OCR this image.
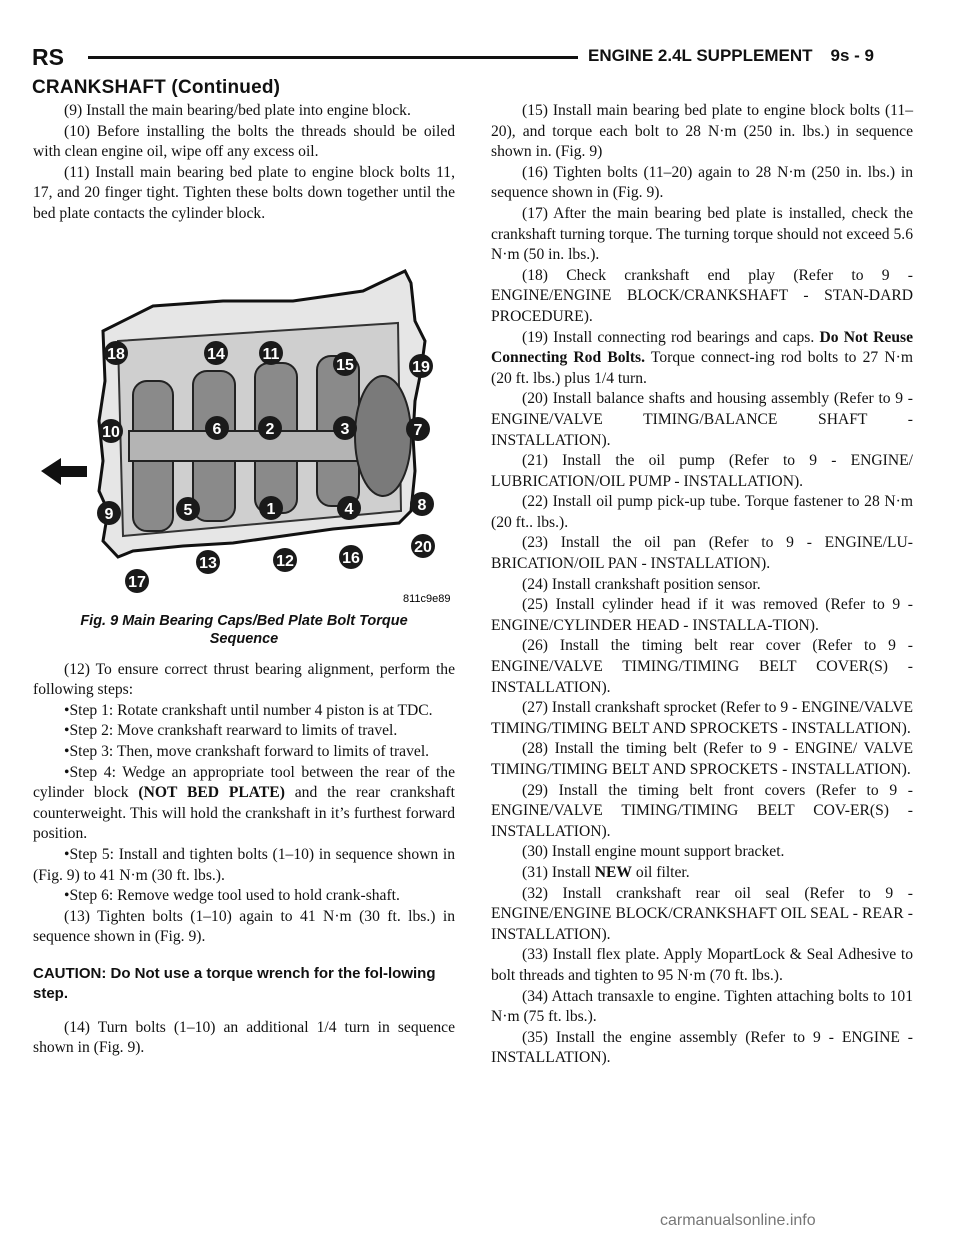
RS	ENGINE 2.4L SUPPLEMENT 9s - 9
CRANKSHAFT (Continued)

(9) Install the main bearing/bed plate into engine block.

(10) Before installing the bolts the threads should be oiled with clean engine oil, wipe off any excess oil.

(11) Install main bearing bed plate to engine block bolts 11, 17, and 20 finger tight. Tighten these bolts down together until the bed plate contacts the cylinder block.

18	14 11
15	19
10	6	2	3	7
9	5	1	4	8
20
16
12
13
17
811c9e89
Fig. 9 Main Bearing Caps/Bed Plate Bolt Torque
Sequence

(12) To ensure correct thrust bearing alignment, perform the following steps:

•Step 1: Rotate crankshaft until number 4 piston is at TDC.

•Step 2: Move crankshaft rearward to limits of travel.

•Step 3: Then, move crankshaft forward to limits of travel.

•Step 4: Wedge an appropriate tool between the rear of the cylinder block (NOT BED PLATE) and the rear crankshaft counterweight. This will hold the crankshaft in it’s furthest forward position.

•Step 5: Install and tighten bolts (1–10) in sequence shown in (Fig. 9) to 41 N·m (30 ft. lbs.).

•Step 6: Remove wedge tool used to hold crank-shaft.

(13) Tighten bolts (1–10) again to 41 N·m (30 ft. lbs.) in sequence shown in (Fig. 9).

CAUTION: Do Not use a torque wrench for the fol-lowing step.

(14) Turn bolts (1–10) an additional 1/4 turn in sequence shown in (Fig. 9).

(15) Install main bearing bed plate to engine block bolts (11–20), and torque each bolt to 28 N·m (250 in. lbs.) in sequence shown in. (Fig. 9)

(16) Tighten bolts (11–20) again to 28 N·m (250 in. lbs.) in sequence shown in (Fig. 9).

(17) After the main bearing bed plate is installed, check the crankshaft turning torque. The turning torque should not exceed 5.6 N·m (50 in. lbs.).

(18) Check crankshaft end play (Refer to 9 - ENGINE/ENGINE BLOCK/CRANKSHAFT - STAN-DARD PROCEDURE).

(19) Install connecting rod bearings and caps. Do Not Reuse Connecting Rod Bolts. Torque connect-ing rod bolts to 27 N·m (20 ft. lbs.) plus 1/4 turn.

(20) Install balance shafts and housing assembly (Refer to 9 - ENGINE/VALVE TIMING/BALANCE SHAFT - INSTALLATION).

(21) Install the oil pump (Refer to 9 - ENGINE/ LUBRICATION/OIL PUMP - INSTALLATION).

(22) Install oil pump pick-up tube. Torque fastener to 28 N·m (20 ft.. lbs.).

(23) Install the oil pan (Refer to 9 - ENGINE/LU-BRICATION/OIL PAN - INSTALLATION).

(24) Install crankshaft position sensor.

(25) Install cylinder head if it was removed (Refer to 9 - ENGINE/CYLINDER HEAD - INSTALLA-TION).

(26) Install the timing belt rear cover (Refer to 9 - ENGINE/VALVE TIMING/TIMING BELT COVER(S) - INSTALLATION).

(27) Install crankshaft sprocket (Refer to 9 - ENGINE/VALVE TIMING/TIMING BELT AND SPROCKETS - INSTALLATION).

(28) Install the timing belt (Refer to 9 - ENGINE/ VALVE TIMING/TIMING BELT AND SPROCKETS - INSTALLATION).

(29) Install the timing belt front covers (Refer to 9 - ENGINE/VALVE TIMING/TIMING BELT COV-ER(S) - INSTALLATION).

(30) Install engine mount support bracket.

(31) Install NEW oil filter.

(32) Install crankshaft rear oil seal (Refer to 9 - ENGINE/ENGINE BLOCK/CRANKSHAFT OIL SEAL - REAR - INSTALLATION).

(33) Install flex plate. Apply MopartLock & Seal Adhesive to bolt threads and tighten to 95 N·m (70 ft. lbs.).

(34) Attach transaxle to engine. Tighten attaching bolts to 101 N·m (75 ft. lbs.).

(35) Install the engine assembly (Refer to 9 - ENGINE - INSTALLATION).

carmanualsonline.info
